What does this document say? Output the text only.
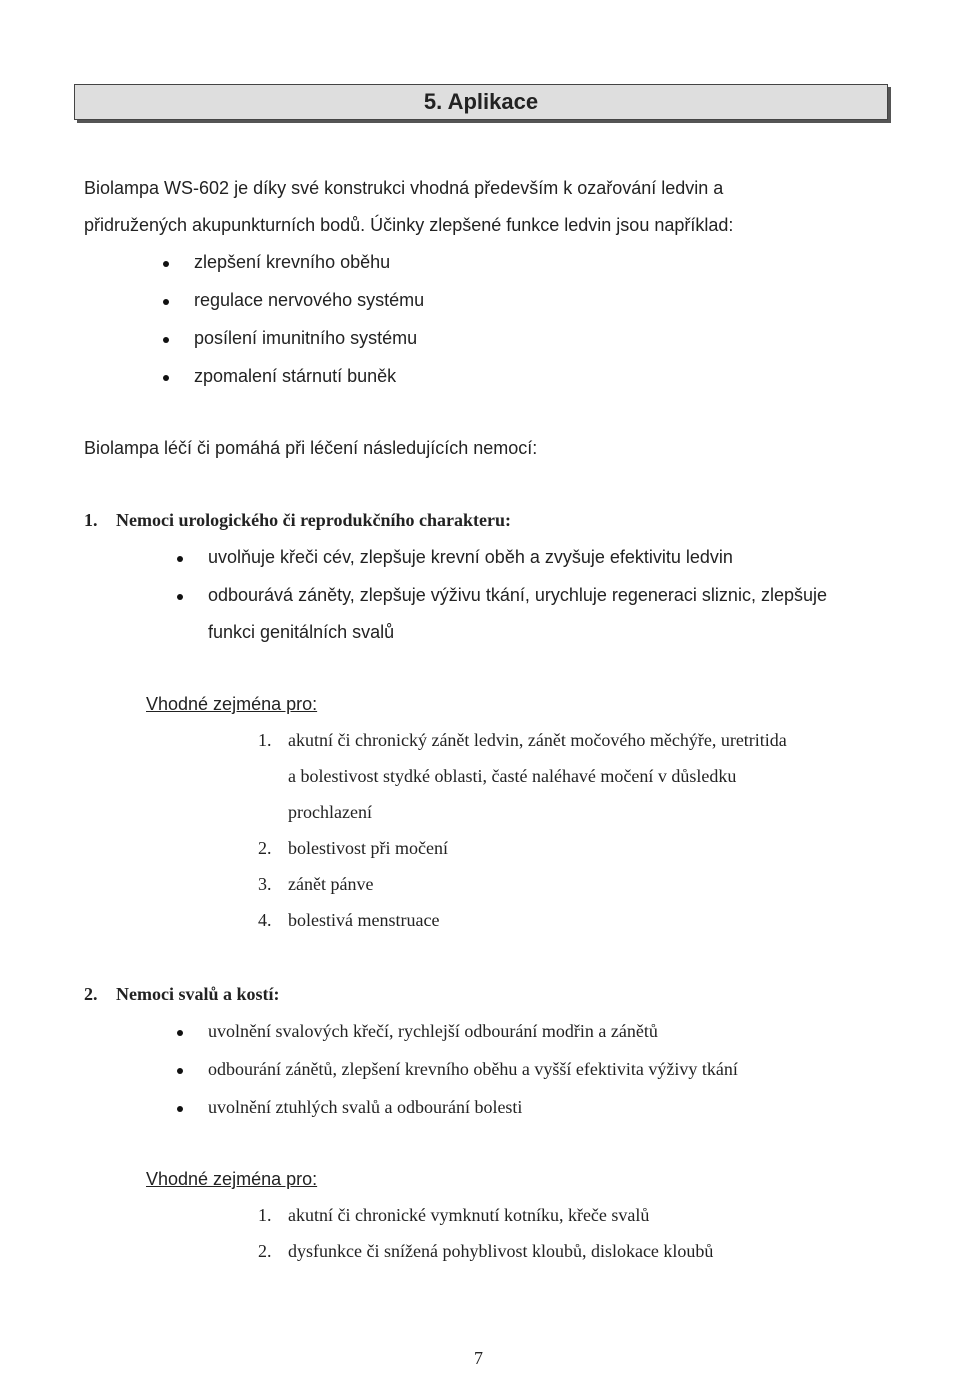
5. Aplikace
Biolampa WS-602 je díky své konstrukci vhodná především k ozařování ledvin a
přidružených akupunkturních bodů. Účinky zlepšené funkce ledvin jsou například:
zlepšení krevního oběhu
regulace nervového systému
posílení imunitního systému
zpomalení stárnutí buněk
Biolampa léčí či pomáhá při léčení následujících nemocí:
1. Nemoci urologického či reprodukčního charakteru:
uvolňuje křeči cév, zlepšuje krevní oběh a zvyšuje efektivitu ledvin
odbourává záněty, zlepšuje výživu tkání, urychluje regeneraci sliznic, zlepšuje
funkci genitálních svalů
Vhodné zejména pro:
1. akutní či chronický zánět ledvin, zánět močového měchýře, uretritida
a bolestivost stydké oblasti, časté naléhavé močení v důsledku
prochlazení
2. bolestivost při močení
3. zánět pánve
4. bolestivá menstruace
2. Nemoci svalů a kostí:
uvolnění svalových křečí, rychlejší odbourání modřin a zánětů
odbourání zánětů, zlepšení krevního oběhu a vyšší efektivita výživy tkání
uvolnění ztuhlých svalů a odbourání bolesti
Vhodné zejména pro:
1. akutní či chronické vymknutí kotníku, křeče svalů
2. dysfunkce či snížená pohyblivost kloubů, dislokace kloubů
7
